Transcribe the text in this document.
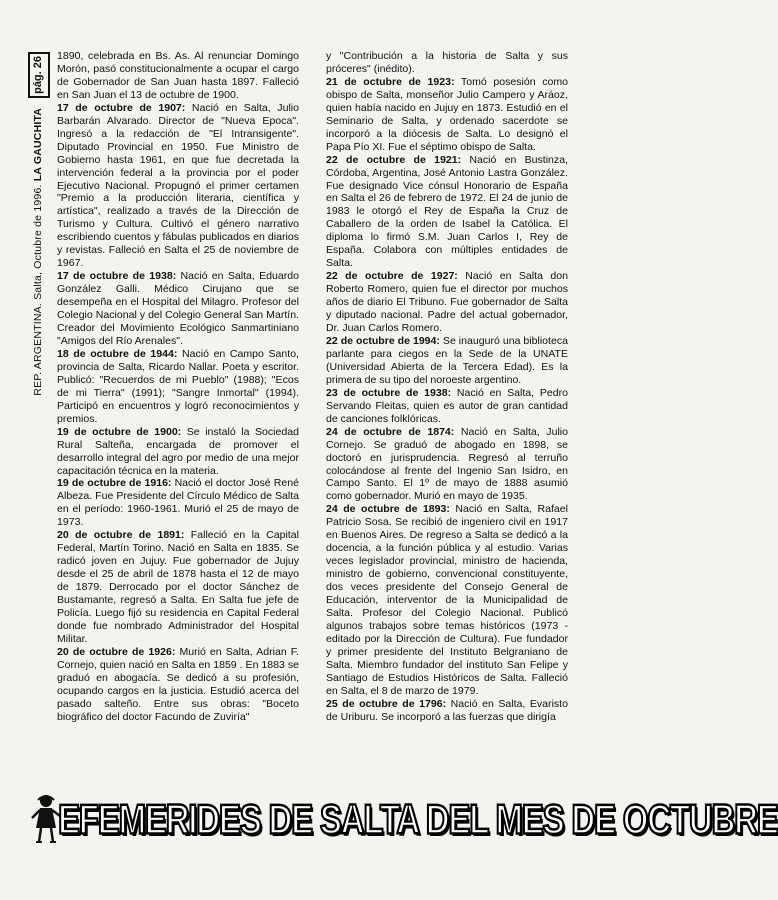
REP. ARGENTINA. Salta, Octubre de 1996. LA GAUCHITA
pág. 26	1890, celebrada en Bs. As. Al renunciar Domingo Morón, pasó constitucionalmente a ocupar el cargo de Gobernador de San Juan hasta 1897. Falleció en San Juan el 13 de octubre de 1900.

17 de octubre de 1907: Nació en Salta, Julio Barbarán Alvarado. Director de "Nueva Epoca". Ingresó a la redacción de "El Intransigente". Diputado Provincial en 1950. Fue Ministro de Gobierno hasta 1961, en que fue decretada la intervención federal a la provincia por el poder Ejecutivo Nacional. Propugnó el primer certamen "Premio a la producción literaria, científica y artística", realizado a través de la Dirección de Turismo y Cultura. Cultivó el género narrativo escribiendo cuentos y fábulas publicados en diarios y revistas. Falleció en Salta el 25 de noviembre de 1967.

17 de octubre de 1938: Nació en Salta, Eduardo González Galli. Médico Cirujano que se desempeña en el Hospital del Milagro. Profesor del Colegio Nacional y del Colegio General San Martín. Creador del Movimiento Ecológico Sanmartiniano "Amigos del Río Arenales".

18 de octubre de 1944: Nació en Campo Santo, provincia de Salta, Ricardo Nallar. Poeta y escritor. Publicó: "Recuerdos de mi Pueblo" (1988); "Ecos de mi Tierra" (1991); "Sangre Inmortal" (1994). Participó en encuentros y logró reconocimientos y premios.

19 de octubre de 1900: Se instaló la Sociedad Rural Salteña, encargada de promover el desarrollo integral del agro por medio de una mejor capacitación técnica en la materia.

19 de octubre de 1916: Nació el doctor José René Albeza. Fue Presidente del Círculo Médico de Salta en el período: 1960-1961. Murió el 25 de mayo de 1973.

20 de octubre de 1891: Falleció en la Capital Federal, Martín Torino. Nació en Salta en 1835. Se radicó joven en Jujuy. Fue gobernador de Jujuy desde el 25 de abril de 1878 hasta el 12 de mayo de 1879. Derrocado por el doctor Sánchez de Bustamante, regresó a Salta. En Salta fue jefe de Policía. Luego fijó su residencia en Capital Federal donde fue nombrado Administrador del Hospital Militar.

20 de octubre de 1926: Murió en Salta, Adrian F. Cornejo, quien nació en Salta en 1859 . En 1883 se graduó en abogacía. Se dedicó a su profesión, ocupando cargos en la justicia. Estudió acerca del pasado salteño. Entre sus obras: "Boceto biográfico del doctor Facundo de Zuviría"

y "Contribución a la historia de Salta y sus próceres" (inédito).

21 de octubre de 1923: Tomó posesión como obispo de Salta, monseñor Julio Campero y Aráoz, quien había nacido en Jujuy en 1873. Estudió en el Seminario de Salta, y ordenado sacerdote se incorporó a la diócesis de Salta. Lo designó el Papa Pío XI. Fue el séptimo obispo de Salta.

22 de octubre de 1921: Nació en Bustinza, Córdoba, Argentina, José Antonio Lastra González. Fue designado Vice cónsul Honorario de España en Salta el 26 de febrero de 1972. El 24 de junio de 1983 le otorgó el Rey de España la Cruz de Caballero de la orden de Isabel la Católica. El diploma lo firmó S.M. Juan Carlos I, Rey de España. Colabora con múltiples entidades de Salta.

22 de octubre de 1927: Nació en Salta don Roberto Romero, quien fue el director por muchos años de diario El Tribuno. Fue gobernador de Salta y diputado nacional. Padre del actual gobernador, Dr. Juan Carlos Romero.

22 de octubre de 1994: Se inauguró una biblioteca parlante para ciegos en la Sede de la UNATE (Universidad Abierta de la Tercera Edad). Es la primera de su tipo del noroeste argentino.

23 de octubre de 1938: Nació en Salta, Pedro Servando Fleitas, quien es autor de gran cantidad de canciones folklóricas.

24 de octubre de 1874: Nació en Salta, Julio Cornejo. Se graduó de abogado en 1898, se doctoró en jurisprudencia. Regresó al terruño colocándose al frente del Ingenio San Isidro, en Campo Santo. El 1º de mayo de 1888 asumió como gobernador. Murió en mayo de 1935.

24 de octubre de 1893: Nació en Salta, Rafael Patricio Sosa. Se recibió de ingeniero civil en 1917 en Buenos Aires. De regreso a Salta se dedicó a la docencia, a la función pública y al estudio. Varias veces legislador provincial, ministro de hacienda, ministro de gobierno, convencional constituyente, dos veces presidente del Consejo General de Educación, interventor de la Municipalidad de Salta. Profesor del Colegio Nacional. Publicó algunos trabajos sobre temas históricos (1973 -editado por la Dirección de Cultura). Fue fundador y primer presidente del Instituto Belgraniano de Salta. Miembro fundador del instituto San Felipe y Santiago de Estudios Históricos de Salta. Falleció en Salta, el 8 de marzo de 1979.

25 de octubre de 1796: Nació en Salta, Evaristo de Uriburu. Se incorporó a las fuerzas que dirigía

EFEMERIDES DE SALTA DEL MES DE OCTUBRE
